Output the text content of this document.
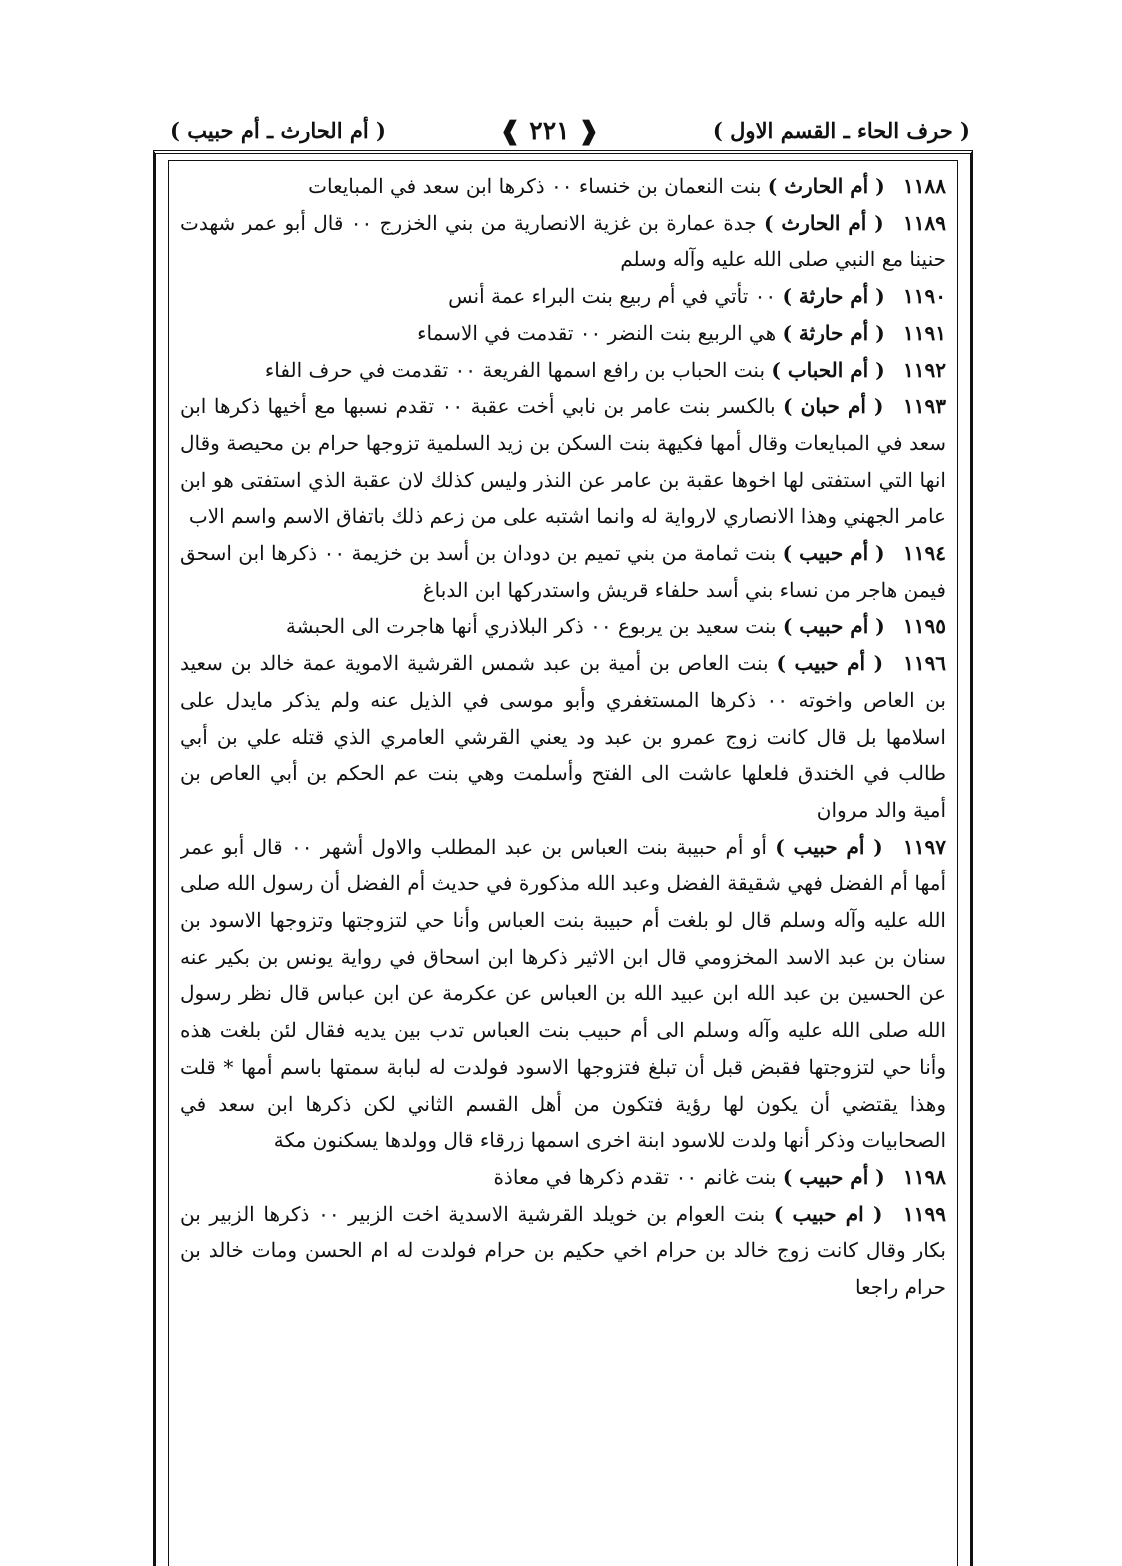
( حرف الحاء ـ القسم الاول )
❰ ٢٢١ ❱
( أم الحارث ـ أم حبيب )

١١٨٨ ( أم الحارث ) بنت النعمان بن خنساء ٠٠ ذكرها ابن سعد في المبايعات

١١٨٩ ( أم الحارث ) جدة عمارة بن غزية الانصارية من بني الخزرج ٠٠ قال أبو عمر شهدت حنينا مع النبي صلى الله عليه وآله وسلم

١١٩٠ ( أم حارثة ) ٠٠ تأتي في أم ربيع بنت البراء عمة أنس

١١٩١ ( أم حارثة ) هي الربيع بنت النضر ٠٠ تقدمت في الاسماء

١١٩٢ ( أم الحباب ) بنت الحباب بن رافع اسمها الفريعة ٠٠ تقدمت في حرف الفاء

١١٩٣ ( أم حبان ) بالكسر بنت عامر بن نابي أخت عقبة ٠٠ تقدم نسبها مع أخيها ذكرها ابن سعد في المبايعات وقال أمها فكيهة بنت السكن بن زيد السلمية تزوجها حرام بن محيصة وقال انها التي استفتى لها اخوها عقبة بن عامر عن النذر وليس كذلك لان عقبة الذي استفتى هو ابن عامر الجهني وهذا الانصاري لارواية له وانما اشتبه على من زعم ذلك باتفاق الاسم واسم الاب

١١٩٤ ( أم حبيب ) بنت ثمامة من بني تميم بن دودان بن أسد بن خزيمة ٠٠ ذكرها ابن اسحق فيمن هاجر من نساء بني أسد حلفاء قريش واستدركها ابن الدباغ

١١٩٥ ( أم حبيب ) بنت سعيد بن يربوع ٠٠ ذكر البلاذري أنها هاجرت الى الحبشة

١١٩٦ ( أم حبيب ) بنت العاص بن أمية بن عبد شمس القرشية الاموية عمة خالد بن سعيد بن العاص واخوته ٠٠ ذكرها المستغفري وأبو موسى في الذيل عنه ولم يذكر مايدل على اسلامها بل قال كانت زوج عمرو بن عبد ود يعني القرشي العامري الذي قتله علي بن أبي طالب في الخندق فلعلها عاشت الى الفتح وأسلمت وهي بنت عم الحكم بن أبي العاص بن أمية والد مروان

١١٩٧ ( أم حبيب ) أو أم حبيبة بنت العباس بن عبد المطلب والاول أشهر ٠٠ قال أبو عمر أمها أم الفضل فهي شقيقة الفضل وعبد الله مذكورة في حديث أم الفضل أن رسول الله صلى الله عليه وآله وسلم قال لو بلغت أم حبيبة بنت العباس وأنا حي لتزوجتها وتزوجها الاسود بن سنان بن عبد الاسد المخزومي قال ابن الاثير ذكرها ابن اسحاق في رواية يونس بن بكير عنه عن الحسين بن عبد الله ابن عبيد الله بن العباس عن عكرمة عن ابن عباس قال نظر رسول الله صلى الله عليه وآله وسلم الى أم حبيب بنت العباس تدب بين يديه فقال لئن بلغت هذه وأنا حي لتزوجتها فقبض قبل أن تبلغ فتزوجها الاسود فولدت له لبابة سمتها باسم أمها * قلت وهذا يقتضي أن يكون لها رؤية فتكون من أهل القسم الثاني لكن ذكرها ابن سعد في الصحابيات وذكر أنها ولدت للاسود ابنة اخرى اسمها زرقاء قال وولدها يسكنون مكة

١١٩٨ ( أم حبيب ) بنت غانم ٠٠ تقدم ذكرها في معاذة

١١٩٩ ( ام حبيب ) بنت العوام بن خويلد القرشية الاسدية اخت الزبير ٠٠ ذكرها الزبير بن بكار وقال كانت زوج خالد بن حرام اخي حكيم بن حرام فولدت له ام الحسن ومات خالد بن حرام راجعا
